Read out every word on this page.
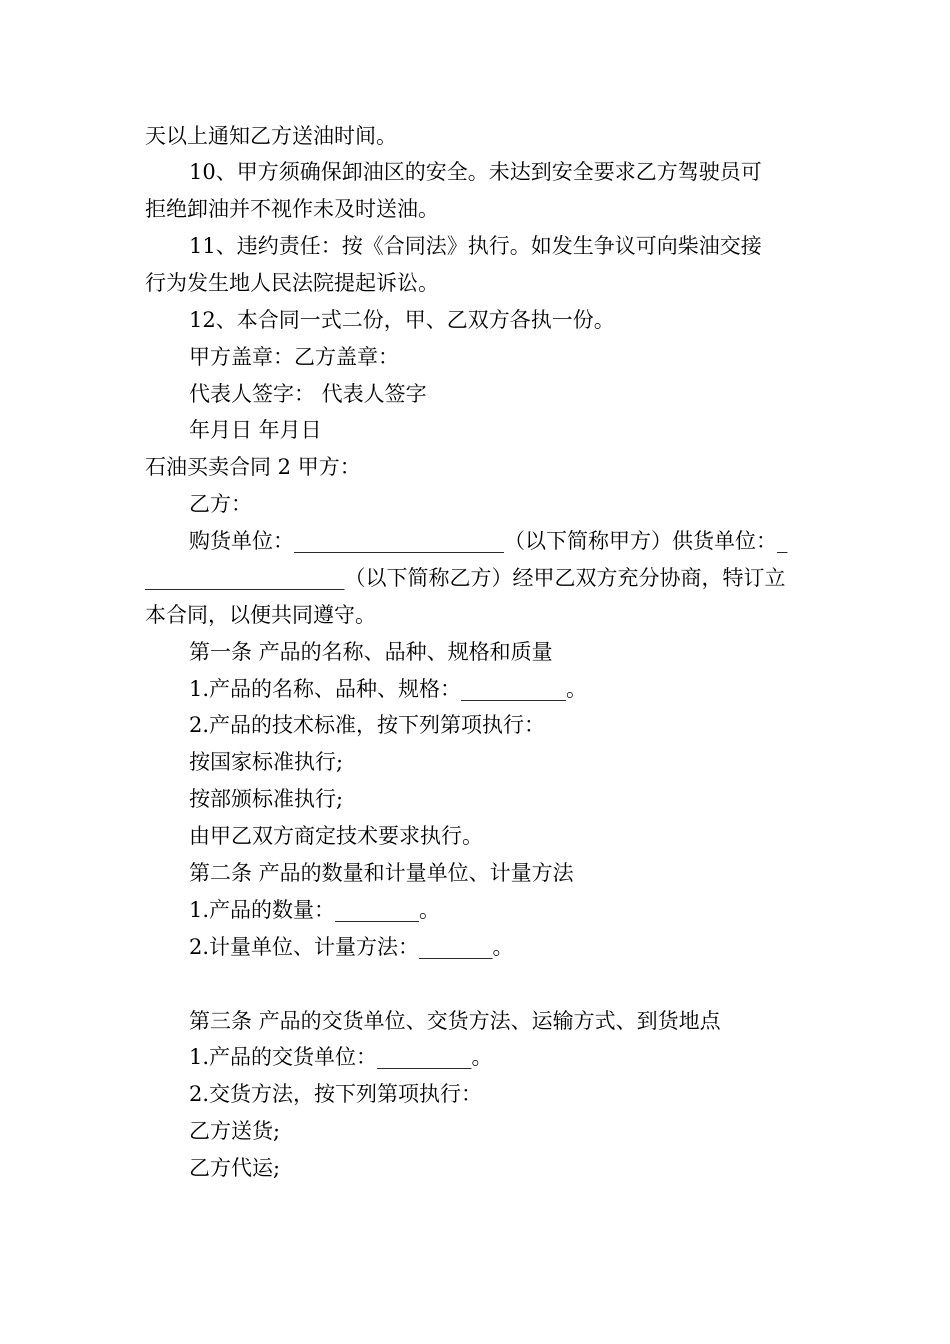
天以上通知乙方送油时间。
10、甲方须确保卸油区的安全。未达到安全要求乙方驾驶员可
拒绝卸油并不视作未及时送油。
11、违约责任：按《合同法》执行。如发生争议可向柴油交接
行为发生地人民法院提起诉讼。
12、本合同一式二份，甲、乙双方各执一份。
甲方盖章：乙方盖章：
代表人签字： 代表人签字
年月日 年月日
石油买卖合同 2 甲方：
乙方：
购货单位：____________________（以下简称甲方）供货单位：_
___________________（以下简称乙方）经甲乙双方充分协商，特订立
本合同，以便共同遵守。
第一条 产品的名称、品种、规格和质量
1.产品的名称、品种、规格：__________。
2.产品的技术标准，按下列第项执行：
按国家标准执行;
按部颁标准执行;
由甲乙双方商定技术要求执行。
第二条 产品的数量和计量单位、计量方法
1.产品的数量：________。
2.计量单位、计量方法：_______。
第三条 产品的交货单位、交货方法、运输方式、到货地点
1.产品的交货单位：_________。
2.交货方法，按下列第项执行：
乙方送货;
乙方代运;
